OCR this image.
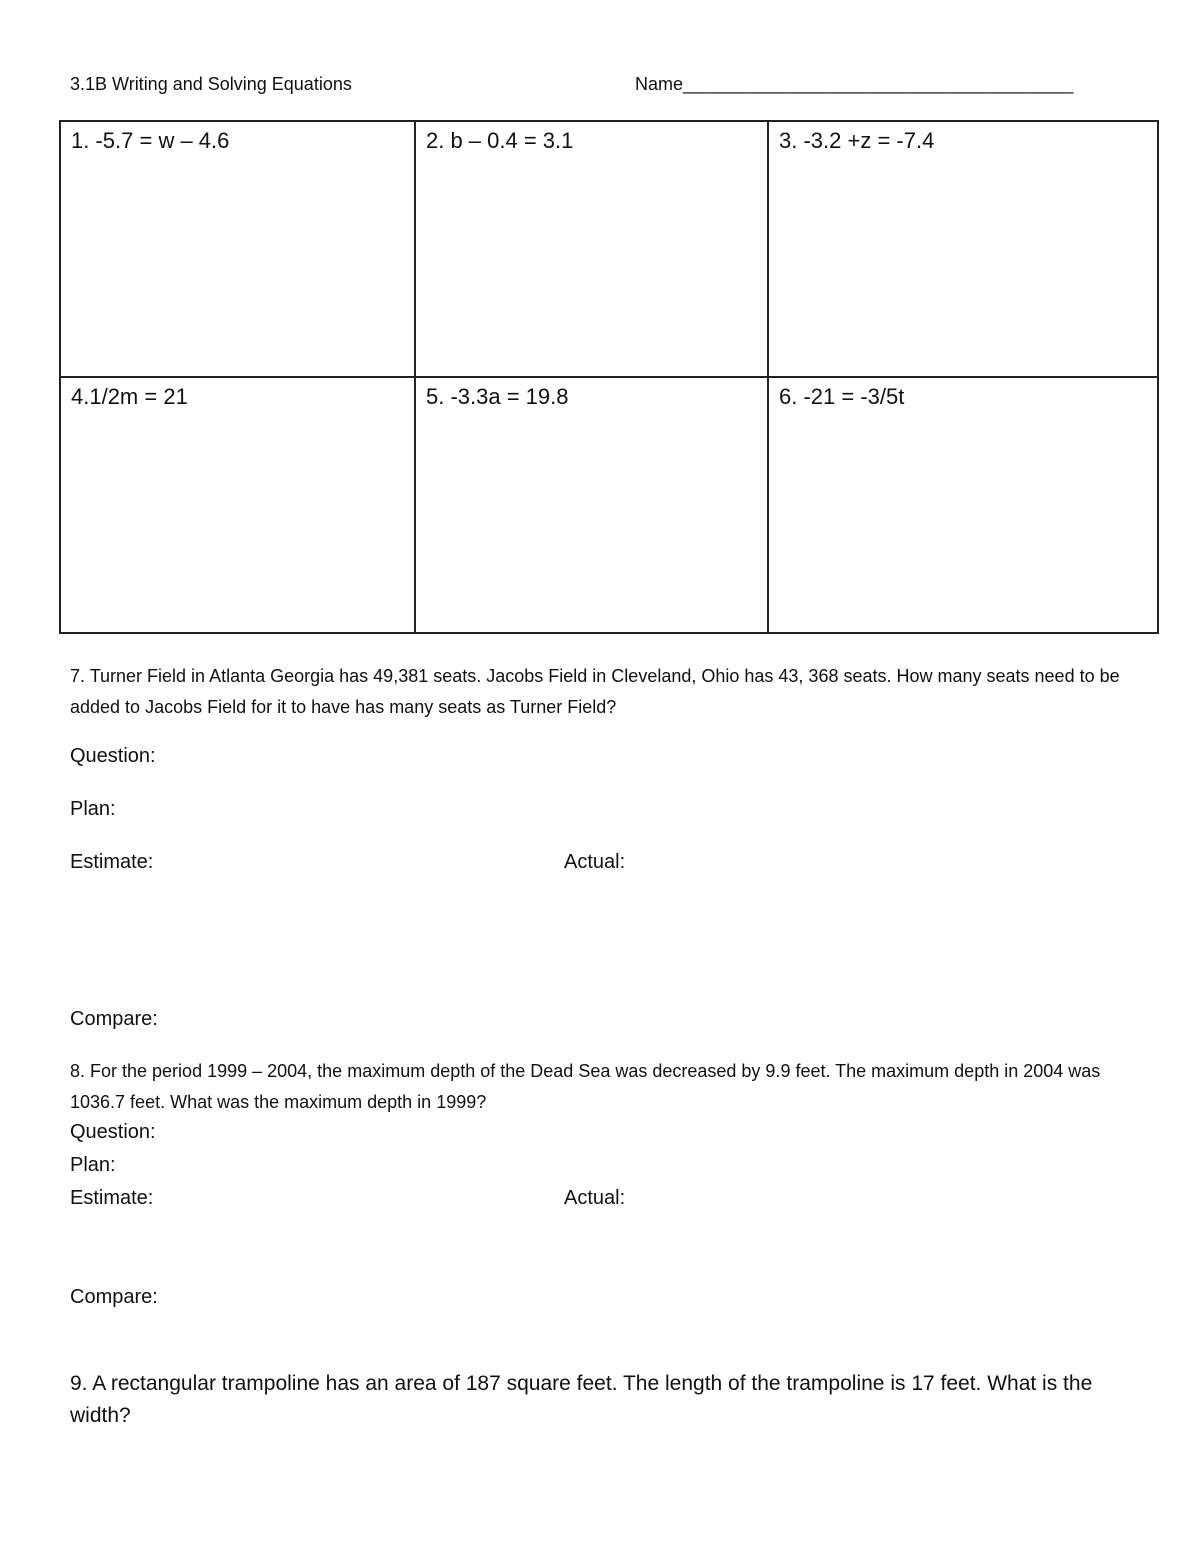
3.1B Writing and Solving Equations	Name_______________________________________
1. -5.7 = w – 4.6	2. b – 0.4 = 3.1	3. -3.2 +z = -7.4
4.1/2m = 21	5. -3.3a = 19.8	6. -21 = -3/5t
7. Turner Field in Atlanta Georgia has 49,381 seats. Jacobs Field in Cleveland, Ohio has 43, 368 seats. How many seats need to be added to Jacobs Field for it to have has many seats as Turner Field?
Question:
Plan:
Estimate:	Actual:
Compare:
8. For the period 1999 – 2004, the maximum depth of the Dead Sea was decreased by 9.9 feet. The maximum depth in 2004 was 1036.7 feet. What was the maximum depth in 1999?
Question:
Plan:
Estimate:	Actual:
Compare:
9. A rectangular trampoline has an area of 187 square feet. The length of the trampoline is 17 feet. What is the width?
